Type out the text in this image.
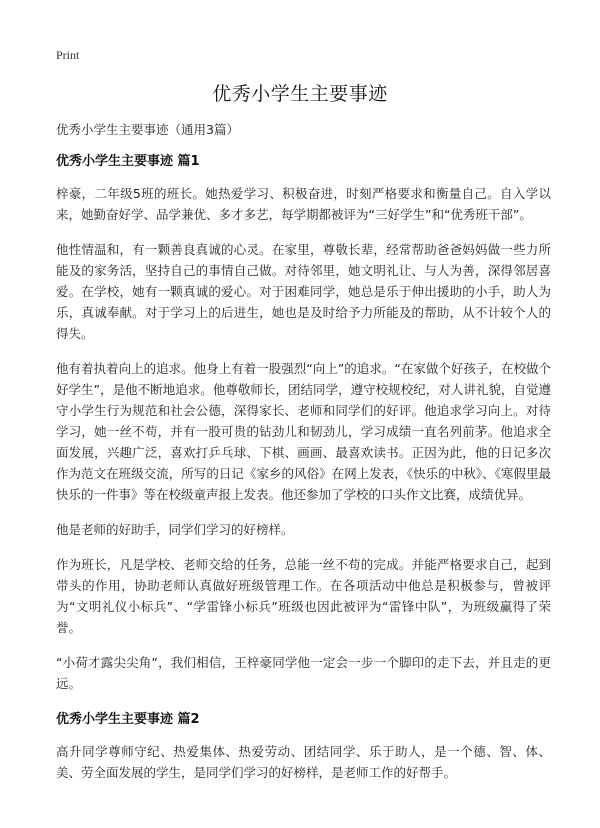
Print
优秀小学生主要事迹
优秀小学生主要事迹（通用3篇）
优秀小学生主要事迹 篇1

梓豪，二年级5班的班长。她热爱学习、积极奋进，时刻严格要求和衡量自己。自入学以来，她勤奋好学、品学兼优、多才多艺，每学期都被评为“三好学生”和“优秀班干部”。

他性情温和，有一颗善良真诚的心灵。在家里，尊敬长辈，经常帮助爸爸妈妈做一些力所能及的家务活，坚持自己的事情自己做。对待邻里，她文明礼让、与人为善，深得邻居喜爱。在学校，她有一颗真诚的爱心。对于困难同学，她总是乐于伸出援助的小手，助人为乐，真诚奉献。对于学习上的后进生，她也是及时给予力所能及的帮助，从不计较个人的得失。

他有着执着向上的追求。他身上有着一股强烈“向上”的追求。“在家做个好孩子，在校做个好学生”，是他不断地追求。他尊敬师长，团结同学，遵守校规校纪，对人讲礼貌，自觉遵守小学生行为规范和社会公德，深得家长、老师和同学们的好评。他追求学习向上。对待学习，她一丝不苟，并有一股可贵的钻劲儿和韧劲儿，学习成绩一直名列前茅。他追求全面发展，兴趣广泛，喜欢打乒乓球、下棋、画画、最喜欢读书。正因为此，他的日记多次作为范文在班级交流，所写的日记《家乡的风俗》在网上发表，《快乐的中秋》、《寒假里最快乐的一件事》等在校级童声报上发表。他还参加了学校的口头作文比赛，成绩优异。

他是老师的好助手，同学们学习的好榜样。

作为班长，凡是学校、老师交给的任务，总能一丝不苟的完成。并能严格要求自己，起到带头的作用，协助老师认真做好班级管理工作。在各项活动中他总是积极参与，曾被评为“文明礼仪小标兵”、“学雷锋小标兵”班级也因此被评为“雷锋中队”，为班级赢得了荣誉。

“小荷才露尖尖角”，我们相信，王梓豪同学他一定会一步一个脚印的走下去，并且走的更远。

优秀小学生主要事迹 篇2

高升同学尊师守纪、热爱集体、热爱劳动、团结同学、乐于助人，是一个德、智、体、美、劳全面发展的学生，是同学们学习的好榜样，是老师工作的好帮手。
